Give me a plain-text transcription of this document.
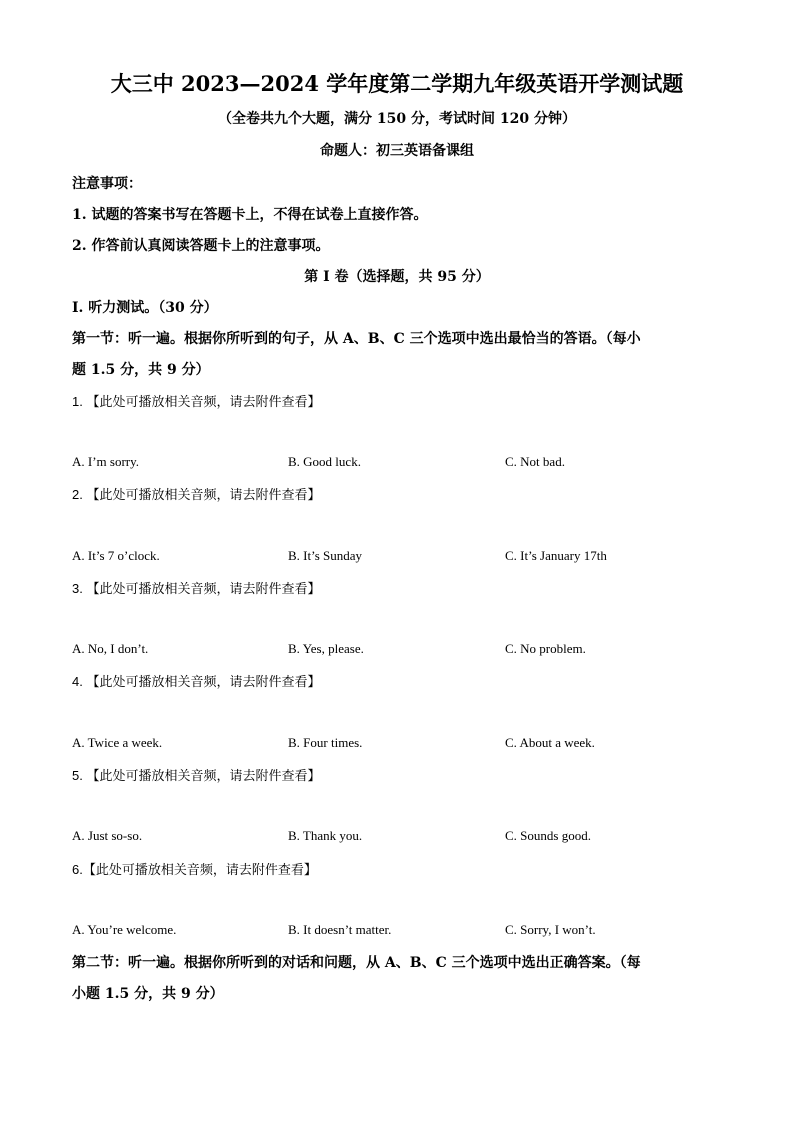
大三中 2023—2024 学年度第二学期九年级英语开学测试题
（全卷共九个大题，满分 150 分，考试时间 120 分钟）
命题人：初三英语备课组
注意事项：
1. 试题的答案书写在答题卡上，不得在试卷上直接作答。
2. 作答前认真阅读答题卡上的注意事项。
第 I 卷（选择题，共 95 分）
Ⅰ. 听力测试。（30 分）
第一节：听一遍。根据你所听到的句子，从 A、B、C 三个选项中选出最恰当的答语。（每小
题 1.5 分，共 9 分）
1. 【此处可播放相关音频，请去附件查看】
A. I’m sorry.	B. Good luck.	C. Not bad.
2. 【此处可播放相关音频，请去附件查看】
A. It’s 7 o’clock.	B. It’s Sunday	C. It’s January 17th
3. 【此处可播放相关音频，请去附件查看】
A. No, I don’t.	B. Yes, please.	C. No problem.
4. 【此处可播放相关音频，请去附件查看】
A. Twice a week.	B. Four times.	C. About a week.
5. 【此处可播放相关音频，请去附件查看】
A. Just so-so.	B. Thank you.	C. Sounds good.
6.【此处可播放相关音频，请去附件查看】
A. You’re welcome.	B. It doesn’t matter.	C. Sorry, I won’t.
第二节：听一遍。根据你所听到的对话和问题，从 A、B、C 三个选项中选出正确答案。（每
小题 1.5 分，共 9 分）
